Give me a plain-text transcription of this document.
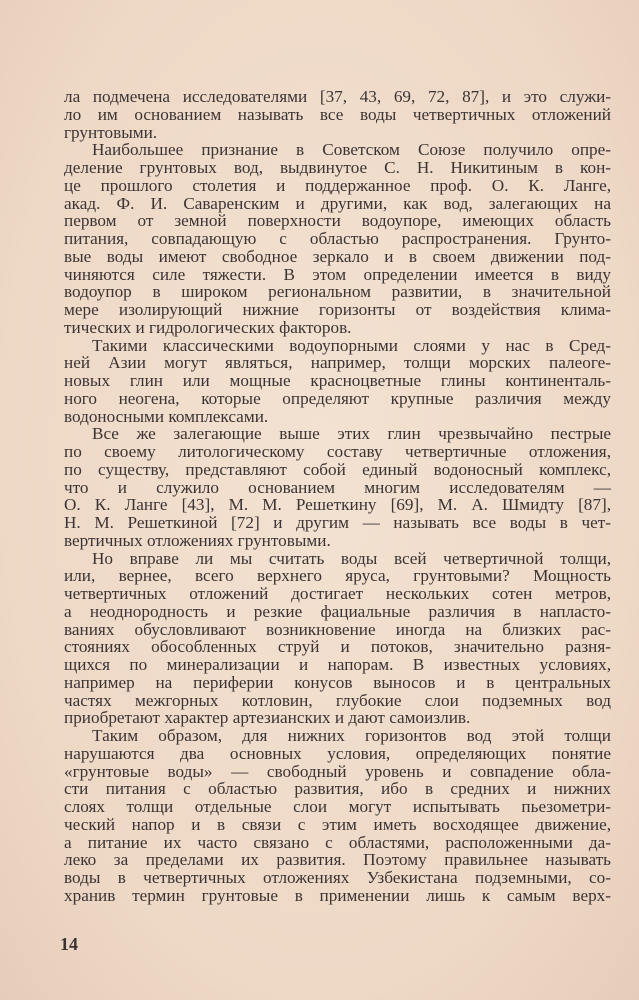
ла подмечена исследователями [37, 43, 69, 72, 87], и это служи-
ло им основанием называть все воды четвертичных отложений
грунтовыми.
Наибольшее признание в Советском Союзе получило опре-
деление грунтовых вод, выдвинутое С. Н. Никитиным в кон-
це прошлого столетия и поддержанное проф. О. К. Ланге,
акад. Ф. И. Саваренским и другими, как вод, залегающих на
первом от земной поверхности водоупоре, имеющих область
питания, совпадающую с областью распространения. Грунто-
вые воды имеют свободное зеркало и в своем движении под-
чиняются силе тяжести. В этом определении имеется в виду
водоупор в широком региональном развитии, в значительной
мере изолирующий нижние горизонты от воздействия клима-
тических и гидрологических факторов.
Такими классическими водоупорными слоями у нас в Сред-
ней Азии могут являться, например, толщи морских палеоге-
новых глин или мощные красноцветные глины континенталь-
ного неогена, которые определяют крупные различия между
водоносными комплексами.
Все же залегающие выше этих глин чрезвычайно пестрые
по своему литологическому составу четвертичные отложения,
по существу, представляют собой единый водоносный комплекс,
что и служило основанием многим исследователям —
О. К. Ланге [43], М. М. Решеткину [69], М. А. Шмидту [87],
Н. М. Решеткиной [72] и другим — называть все воды в чет-
вертичных отложениях грунтовыми.
Но вправе ли мы считать воды всей четвертичной толщи,
или, вернее, всего верхнего яруса, грунтовыми? Мощность
четвертичных отложений достигает нескольких сотен метров,
а неоднородность и резкие фациальные различия в напласто-
ваниях обусловливают возникновение иногда на близких рас-
стояниях обособленных струй и потоков, значительно разня-
щихся по минерализации и напорам. В известных условиях,
например на периферии конусов выносов и в центральных
частях межгорных котловин, глубокие слои подземных вод
приобретают характер артезианских и дают самоизлив.
Таким образом, для нижних горизонтов вод этой толщи
нарушаются два основных условия, определяющих понятие
«грунтовые воды» — свободный уровень и совпадение обла-
сти питания с областью развития, ибо в средних и нижних
слоях толщи отдельные слои могут испытывать пьезометри-
ческий напор и в связи с этим иметь восходящее движение,
а питание их часто связано с областями, расположенными да-
леко за пределами их развития. Поэтому правильнее называть
воды в четвертичных отложениях Узбекистана подземными, со-
хранив термин грунтовые в применении лишь к самым верх-
14
